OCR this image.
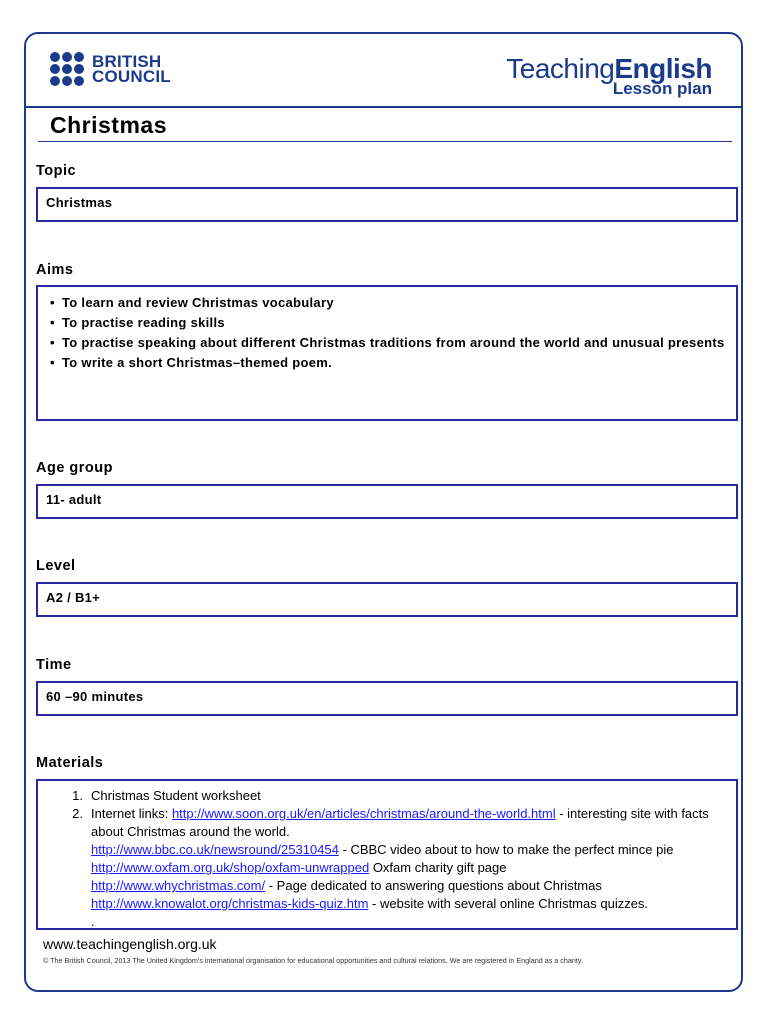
BRITISH
COUNCIL	TeachingEnglish
Lesson plan
Christmas
Topic
Christmas
Aims
• To learn and review Christmas vocabulary
• To practise reading skills
• To practise speaking about different Christmas traditions from around the world and unusual presents
• To write a short Christmas–themed poem.
Age group
11- adult
Level
A2 / B1+
Time
60 –90 minutes
Materials
1. Christmas Student worksheet
2. Internet links: http://www.soon.org.uk/en/articles/christmas/around-the-world.html - interesting site with facts about Christmas around the world.
http://www.bbc.co.uk/newsround/25310454 - CBBC video about to how to make the perfect mince pie
http://www.oxfam.org.uk/shop/oxfam-unwrapped Oxfam charity gift page
http://www.whychristmas.com/ - Page dedicated to answering questions about Christmas
http://www.knowalot.org/christmas-kids-quiz.htm - website with several online Christmas quizzes.
.
www.teachingenglish.org.uk
© The British Council, 2013 The United Kingdom's international organisation for educational opportunities and cultural relations. We are registered in England as a charity.
